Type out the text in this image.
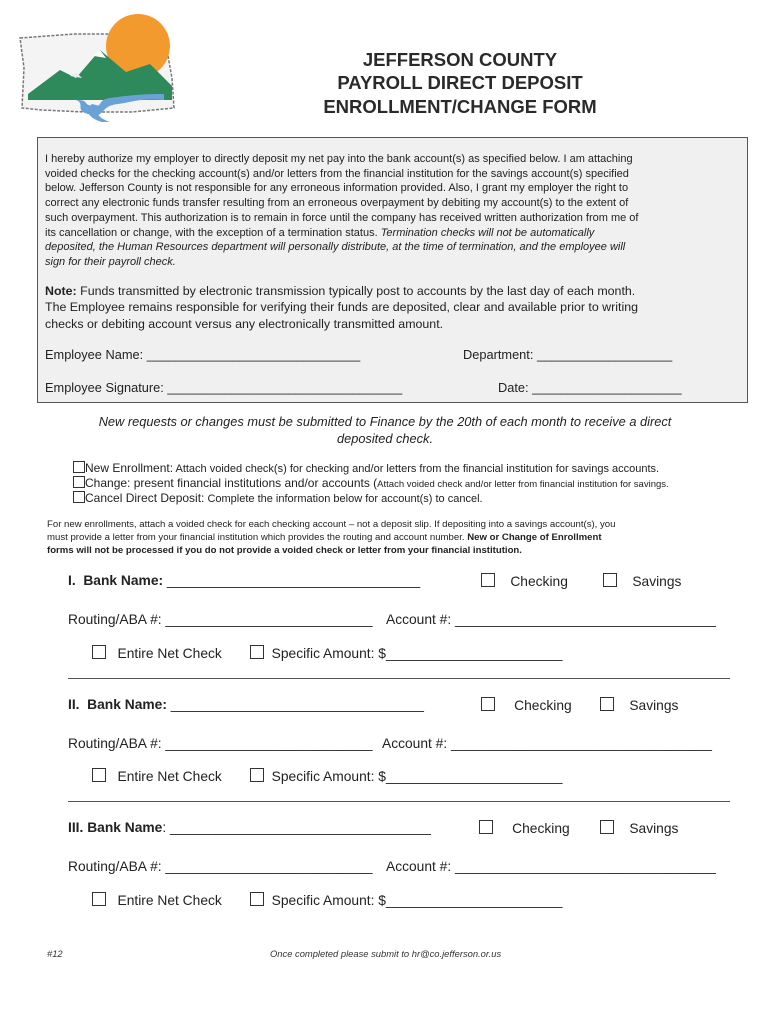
JEFFERSON COUNTY
PAYROLL DIRECT DEPOSIT
ENROLLMENT/CHANGE FORM
I hereby authorize my employer to directly deposit my net pay into the bank account(s) as specified below. I am attaching
voided checks for the checking account(s) and/or letters from the financial institution for the savings account(s) specified
below. Jefferson County is not responsible for any erroneous information provided. Also, I grant my employer the right to
correct any electronic funds transfer resulting from an erroneous overpayment by debiting my account(s) to the extent of
such overpayment. This authorization is to remain in force until the company has received written authorization from me of
its cancellation or change, with the exception of a termination status. Termination checks will not be automatically
deposited, the Human Resources department will personally distribute, at the time of termination, and the employee will
sign for their payroll check.
Note: Funds transmitted by electronic transmission typically post to accounts by the last day of each month.
The Employee remains responsible for verifying their funds are deposited, clear and available prior to writing
checks or debiting account versus any electronically transmitted amount.
Employee Name: ______________________________	Department: ___________________
Employee Signature: _________________________________	Date: _____________________
New requests or changes must be submitted to Finance by the 20th of each month to receive a direct
deposited check.
New Enrollment: Attach voided check(s) for checking and/or letters from the financial institution for savings accounts.
Change: present financial institutions and/or accounts (Attach voided check and/or letter from financial institution for savings.
Cancel Direct Deposit: Complete the information below for account(s) to cancel.
For new enrollments, attach a voided check for each checking account – not a deposit slip. If depositing into a savings account(s), you
must provide a letter from your financial institution which provides the routing and account number. New or Change of Enrollment
forms will not be processed if you do not provide a voided check or letter from your financial institution.
I. Bank Name: _________________________________	Checking	Savings
Routing/ABA #: ___________________________ Account #: __________________________________
Entire Net Check	Specific Amount: $_______________________
II. Bank Name: _________________________________	Checking	Savings
Routing/ABA #: ___________________________ Account #: __________________________________
Entire Net Check	Specific Amount: $_______________________
III. Bank Name: __________________________________	Checking	Savings
Routing/ABA #: ___________________________ Account #: __________________________________
Entire Net Check	Specific Amount: $_______________________
#12	Once completed please submit to hr@co.jefferson.or.us
